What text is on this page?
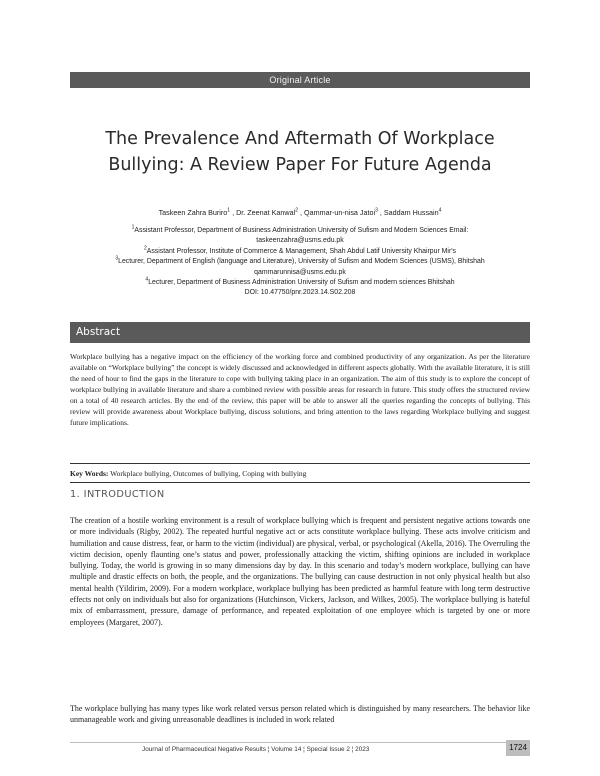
Original Article
The Prevalence And Aftermath Of Workplace
Bullying: A Review Paper For Future Agenda
Taskeen Zahra Buriro$^1$ , Dr. Zeenat Kanwal$^2$ , Qammar-un-nisa Jatoi$^3$ , Saddam Hussain$^4$
$^1$Assistant Professor, Department of Business Administration University of Sufism and Modern Sciences Email:
taskeenzahra@usms.edu.pk
$^2$Assistant Professor, Institute of Commerce & Management, Shah Abdul Latif University Khairpur Mir's
$^3$Lecturer, Department of English (language and Literature), University of Sufism and Modern Sciences (USMS), Bhitshah
qammarunnisa@usms.edu.pk
$^4$Lecturer, Department of Business Administration University of Sufism and modern sciences Bhitshah
DOI: 10.47750/pnr.2023.14.S02.208
Abstract
Workplace bullying has a negative impact on the efficiency of the working force and combined productivity of any organization. As per the literature available on “Workplace bullying” the concept is widely discussed and acknowledged in different aspects globally. With the available literature, it is still the need of hour to find the gaps in the literature to cope with bullying taking place in an organization. The aim of this study is to explore the concept of workplace bullying in available literature and share a combined review with possible areas for research in future. This study offers the structured review on a total of 40 research articles. By the end of the review, this paper will be able to answer all the queries regarding the concepts of bullying. This review will provide awareness about Workplace bullying, discuss solutions, and bring attention to the laws regarding Workplace bullying and suggest future implications.
Key Words: Workplace bullying, Outcomes of bullying, Coping with bullying
1. INTRODUCTION
The creation of a hostile working environment is a result of workplace bullying which is frequent and persistent negative actions towards one or more individuals (Rigby, 2002). The repeated hurtful negative act or acts constitute workplace bullying. These acts involve criticism and humiliation and cause distress, fear, or harm to the victim (individual) are physical, verbal, or psychological (Akella, 2016). The Overruling the victim decision, openly flaunting one’s status and power, professionally attacking the victim, shifting opinions are included in workplace bullying. Today, the world is growing in so many dimensions day by day. In this scenario and today’s modern workplace, bullying can have multiple and drastic effects on both, the people, and the organizations. The bullying can cause destruction in not only physical health but also mental health (Yildirim, 2009). For a modern workplace, workplace bullying has been predicted as harmful feature with long term destructive effects not only on individuals but also for organizations (Hutchinson, Vickers, Jackson, and Wilkes, 2005). The workplace bullying is hateful mix of embarrassment, pressure, damage of performance, and repeated exploitation of one employee which is targeted by one or more employees (Margaret, 2007).
The workplace bullying has many types like work related versus person related which is distinguished by many researchers. The behavior like unmanageable work and giving unreasonable deadlines is included in work related
Journal of Pharmaceutical Negative Results ¦ Volume 14 ¦ Special Issue 2 ¦ 2023	1724
